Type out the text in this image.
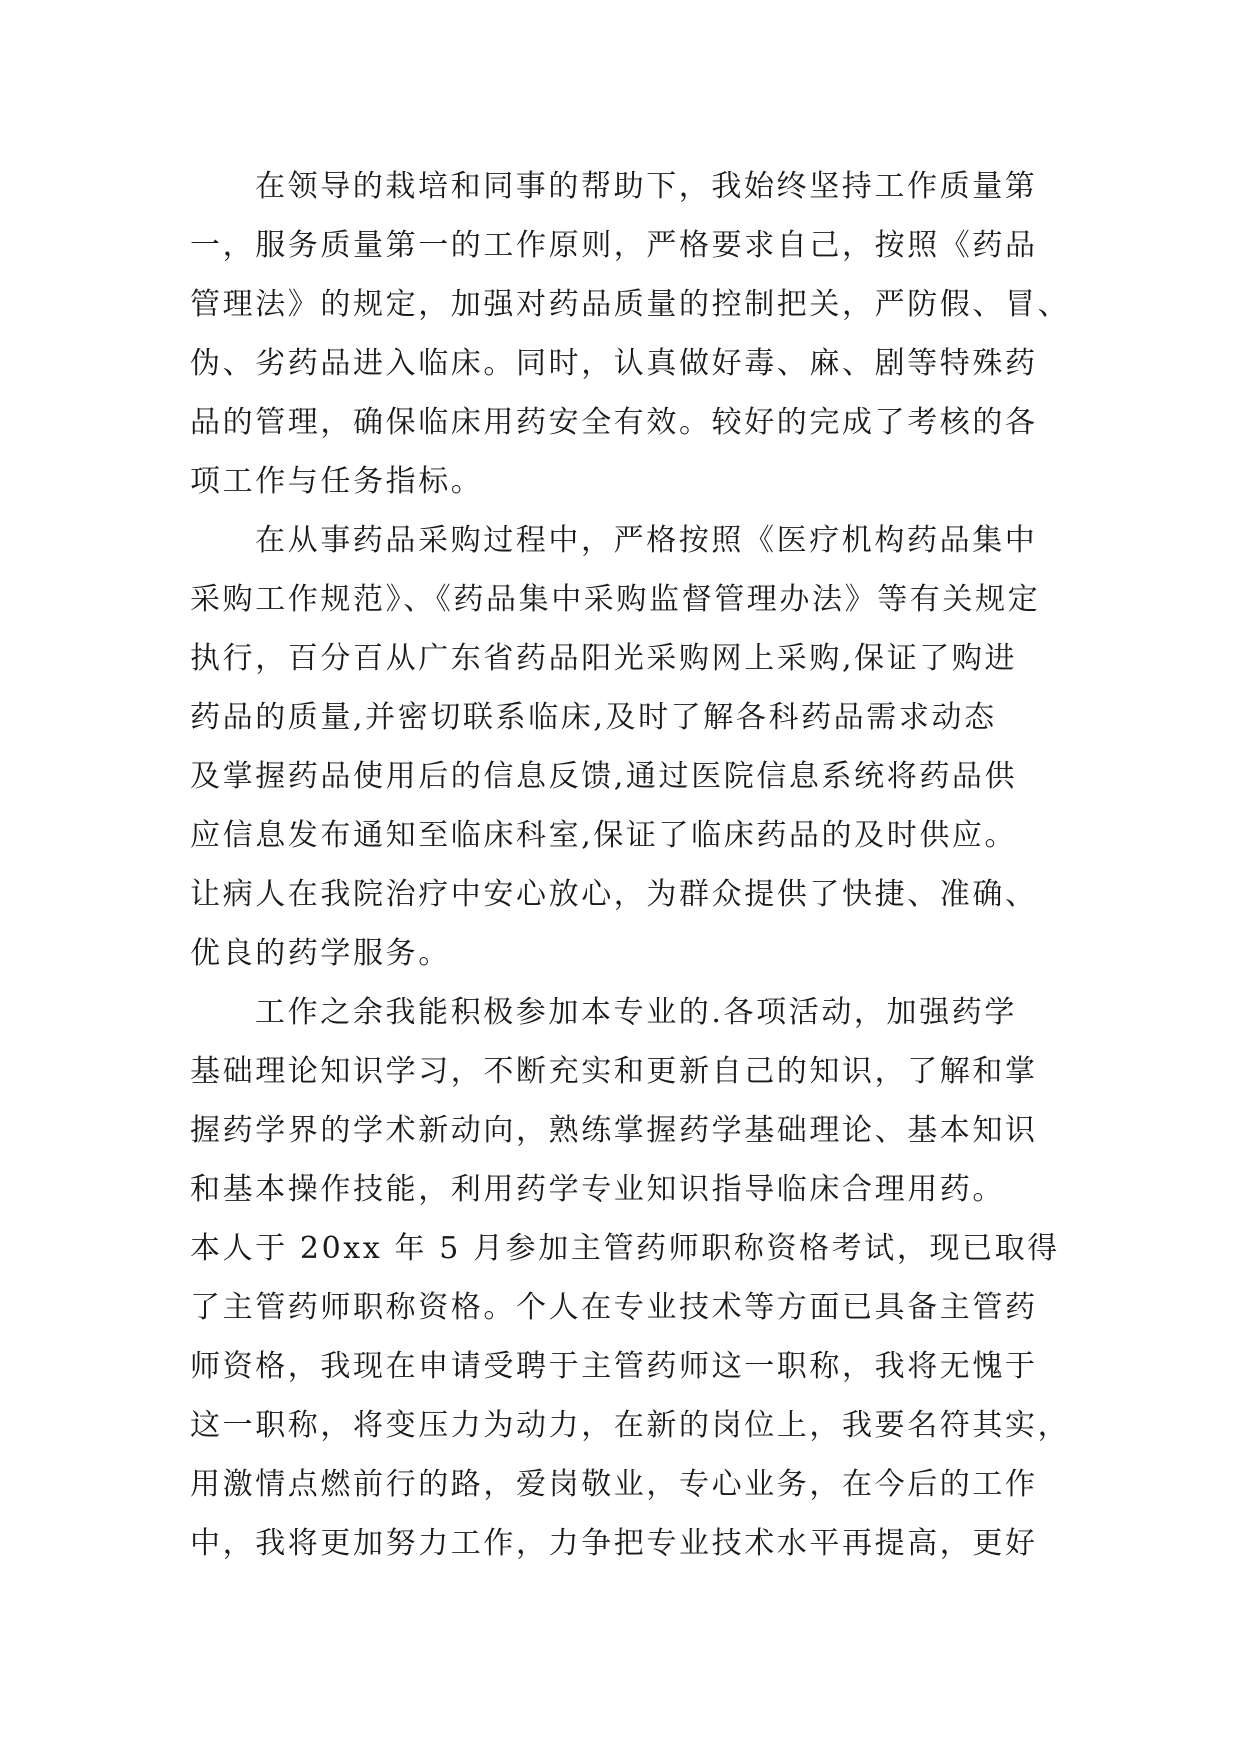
在领导的栽培和同事的帮助下，我始终坚持工作质量第
一，服务质量第一的工作原则，严格要求自己，按照《药品
管理法》的规定，加强对药品质量的控制把关，严防假、冒、
伪、劣药品进入临床。同时，认真做好毒、麻、剧等特殊药
品的管理，确保临床用药安全有效。较好的完成了考核的各
项工作与任务指标。
在从事药品采购过程中，严格按照《医疗机构药品集中
采购工作规范》、《药品集中采购监督管理办法》等有关规定
执行，百分百从广东省药品阳光采购网上采购,保证了购进
药品的质量,并密切联系临床,及时了解各科药品需求动态
及掌握药品使用后的信息反馈,通过医院信息系统将药品供
应信息发布通知至临床科室,保证了临床药品的及时供应。
让病人在我院治疗中安心放心，为群众提供了快捷、准确、
优良的药学服务。
工作之余我能积极参加本专业的.各项活动，加强药学
基础理论知识学习，不断充实和更新自己的知识，了解和掌
握药学界的学术新动向，熟练掌握药学基础理论、基本知识
和基本操作技能，利用药学专业知识指导临床合理用药。
本人于 20xx 年 5 月参加主管药师职称资格考试，现已取得
了主管药师职称资格。个人在专业技术等方面已具备主管药
师资格，我现在申请受聘于主管药师这一职称，我将无愧于
这一职称，将变压力为动力，在新的岗位上，我要名符其实，
用激情点燃前行的路，爱岗敬业，专心业务，在今后的工作
中，我将更加努力工作，力争把专业技术水平再提高，更好
